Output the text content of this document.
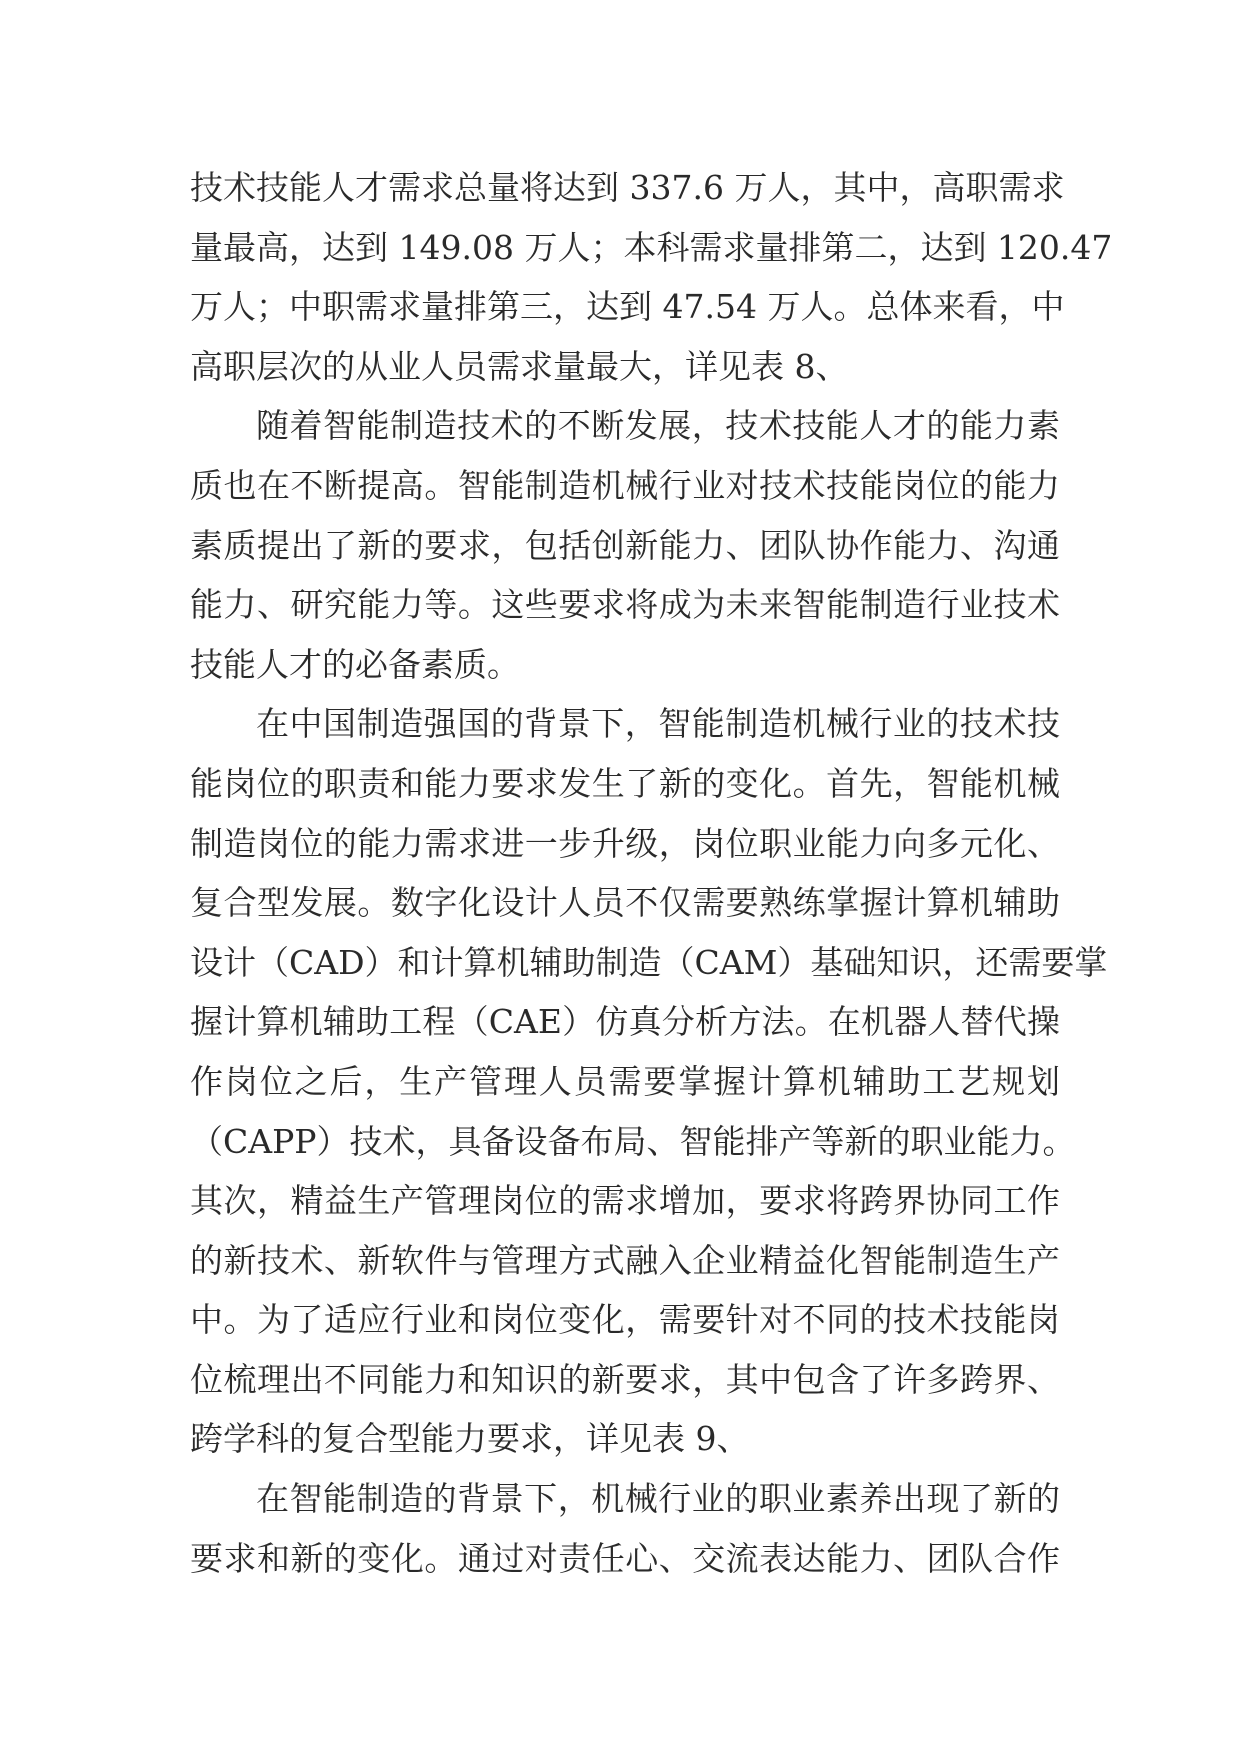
技术技能人才需求总量将达到 337.6 万人，其中，高职需求
量最高，达到 149.08 万人；本科需求量排第二，达到 120.47
万人；中职需求量排第三，达到 47.54 万人。总体来看，中
高职层次的从业人员需求量最大，详见表 8、
随着智能制造技术的不断发展，技术技能人才的能力素
质也在不断提高。智能制造机械行业对技术技能岗位的能力
素质提出了新的要求，包括创新能力、团队协作能力、沟通
能力、研究能力等。这些要求将成为未来智能制造行业技术
技能人才的必备素质。
在中国制造强国的背景下，智能制造机械行业的技术技
能岗位的职责和能力要求发生了新的变化。首先，智能机械
制造岗位的能力需求进一步升级，岗位职业能力向多元化、
复合型发展。数字化设计人员不仅需要熟练掌握计算机辅助
设计（CAD）和计算机辅助制造（CAM）基础知识，还需要掌
握计算机辅助工程（CAE）仿真分析方法。在机器人替代操
作岗位之后，生产管理人员需要掌握计算机辅助工艺规划
（CAPP）技术，具备设备布局、智能排产等新的职业能力。
其次，精益生产管理岗位的需求增加，要求将跨界协同工作
的新技术、新软件与管理方式融入企业精益化智能制造生产
中。为了适应行业和岗位变化，需要针对不同的技术技能岗
位梳理出不同能力和知识的新要求，其中包含了许多跨界、
跨学科的复合型能力要求，详见表 9、
在智能制造的背景下，机械行业的职业素养出现了新的
要求和新的变化。通过对责任心、交流表达能力、团队合作
